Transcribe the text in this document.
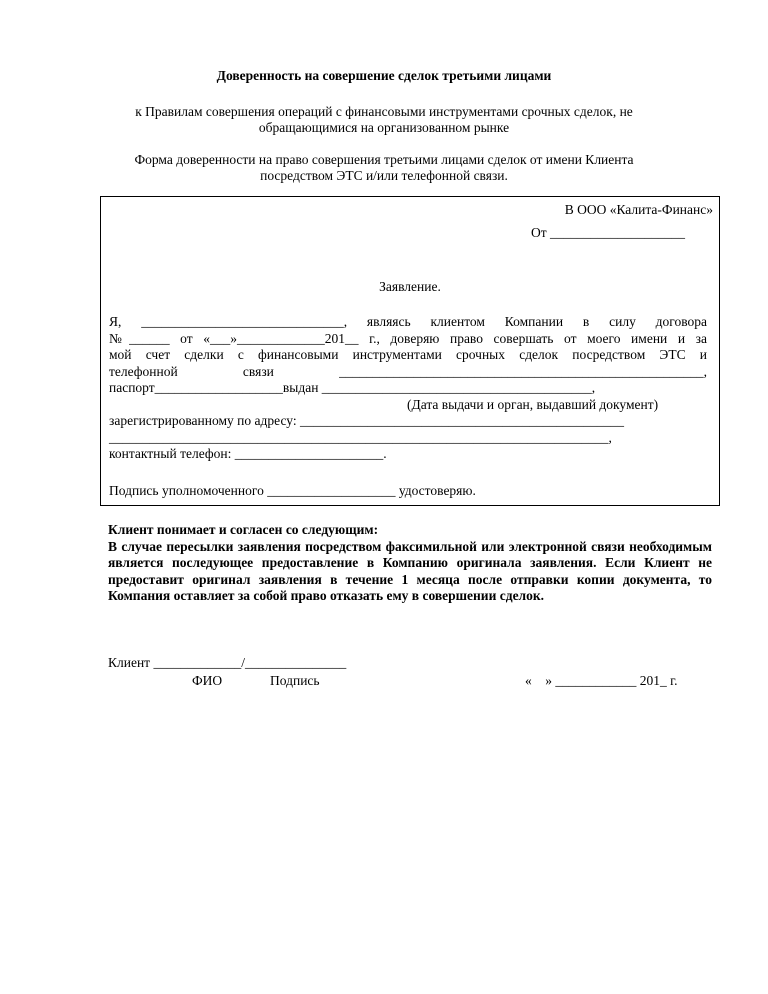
Доверенность на совершение сделок третьими лицами
к Правилам совершения операций с финансовыми инструментами срочных сделок, не
обращающимися на организованном рынке
Форма доверенности на право совершения третьими лицами сделок от имени Клиента
посредством ЭТС и/или телефонной связи.
В ООО «Калита-Финанс»
От ____________________
Заявление.

Я, ______________________________, являясь клиентом Компании в силу договора

№______ от «___»_____________201__ г., доверяю право совершать от моего имени и за

мой счет сделки с финансовыми инструментами срочных сделок посредством ЭТС и

телефонной связи ______________________________________________________,

паспорт___________________выдан ________________________________________,

(Дата выдачи и орган, выдавший документ)

зарегистрированному по адресу: ________________________________________________

__________________________________________________________________________,

контактный телефон: ______________________.

Подпись уполномоченного ___________________ удостоверяю.

Клиент понимает и согласен со следующим:

В случае пересылки заявления посредством факсимильной или электронной связи необходимым является последующее предоставление в Компанию оригинала заявления. Если Клиент не предоставит оригинал заявления в течение 1 месяца после отправки копии документа, то Компания оставляет за собой право отказать ему в совершении сделок.

Клиент _____________/_______________
ФИО	Подпись	«    » ____________ 201_ г.
